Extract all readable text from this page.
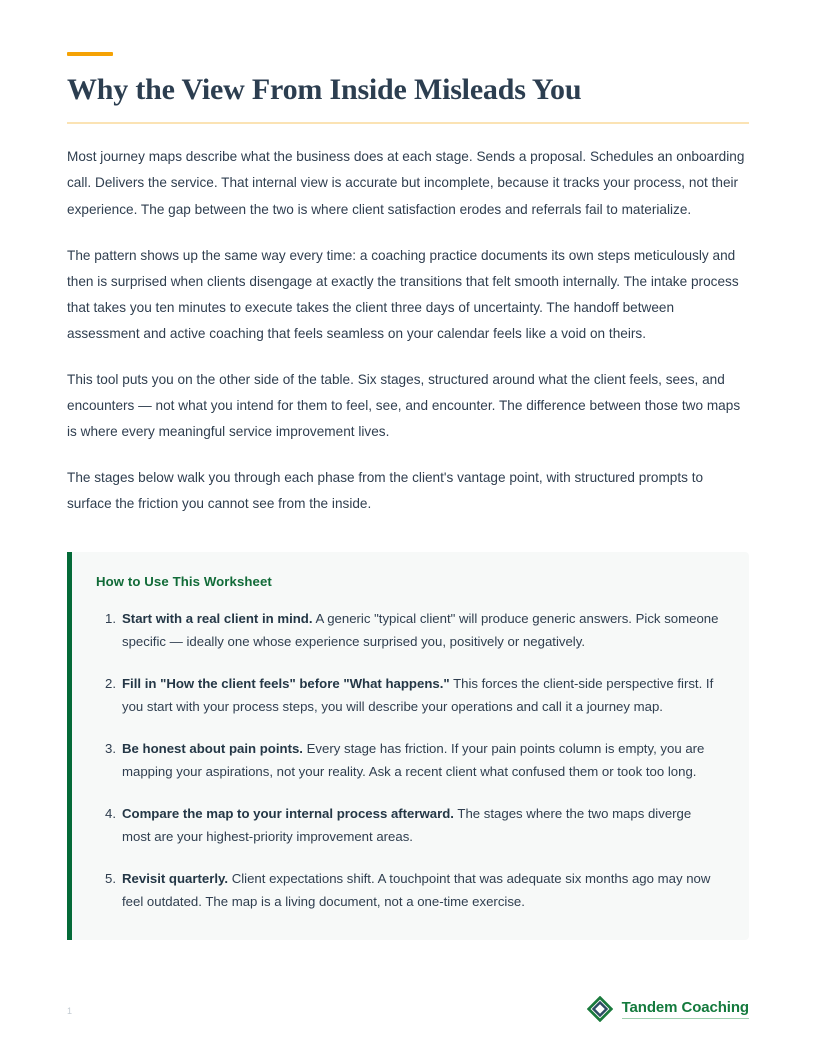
Why the View From Inside Misleads You

Most journey maps describe what the business does at each stage. Sends a proposal. Schedules an onboarding call. Delivers the service. That internal view is accurate but incomplete, because it tracks your process, not their experience. The gap between the two is where client satisfaction erodes and referrals fail to materialize.

The pattern shows up the same way every time: a coaching practice documents its own steps meticulously and then is surprised when clients disengage at exactly the transitions that felt smooth internally. The intake process that takes you ten minutes to execute takes the client three days of uncertainty. The handoff between assessment and active coaching that feels seamless on your calendar feels like a void on theirs.

This tool puts you on the other side of the table. Six stages, structured around what the client feels, sees, and encounters — not what you intend for them to feel, see, and encounter. The difference between those two maps is where every meaningful service improvement lives.

The stages below walk you through each phase from the client's vantage point, with structured prompts to surface the friction you cannot see from the inside.

How to Use This Worksheet
Start with a real client in mind. A generic "typical client" will produce generic answers. Pick someone specific — ideally one whose experience surprised you, positively or negatively.
Fill in "How the client feels" before "What happens." This forces the client-side perspective first. If you start with your process steps, you will describe your operations and call it a journey map.
Be honest about pain points. Every stage has friction. If your pain points column is empty, you are mapping your aspirations, not your reality. Ask a recent client what confused them or took too long.
Compare the map to your internal process afterward. The stages where the two maps diverge most are your highest-priority improvement areas.
Revisit quarterly. Client expectations shift. A touchpoint that was adequate six months ago may now feel outdated. The map is a living document, not a one-time exercise.
1	Tandem Coaching
